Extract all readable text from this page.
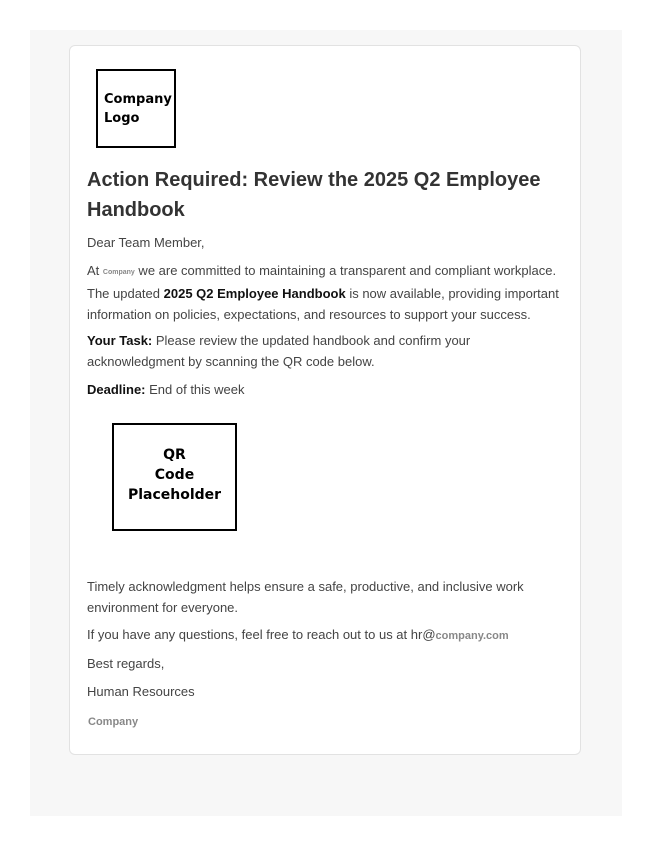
Company
Logo
Action Required: Review the 2025 Q2 Employee Handbook

Dear Team Member,

At Company we are committed to maintaining a transparent and compliant workplace. The updated 2025 Q2 Employee Handbook is now available, providing important information on policies, expectations, and resources to support your success.

Your Task: Please review the updated handbook and confirm your acknowledgment by scanning the QR code below.

Deadline: End of this week

QR
Code
Placeholder

Timely acknowledgment helps ensure a safe, productive, and inclusive work environment for everyone.

If you have any questions, feel free to reach out to us at hr@company.com

Best regards,

Human Resources

Company
